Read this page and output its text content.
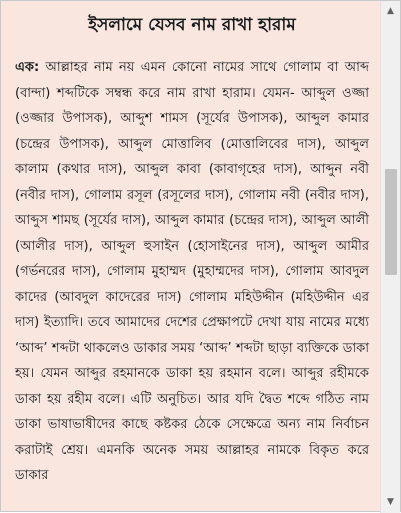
ইসলামে যেসব নাম রাখা হারাম

এক: আল্লাহর নাম নয় এমন কোনো নামের সাথে গোলাম বা আব্দ (বান্দা) শব্দটিকে সম্বন্ধ করে নাম রাখা হারাম। যেমন- আব্দুল ওজ্জা (ওজ্জার উপাসক), আব্দুশ শামস (সূর্যের উপাসক), আব্দুল কামার (চন্দ্রের উপাসক), আব্দুল মোত্তালিব (মোত্তালিবের দাস), আব্দুল কালাম (কথার দাস), আব্দুল কাবা (কাবাগৃহের দাস), আব্দুন নবী (নবীর দাস), গোলাম রসূল (রসূলের দাস), গোলাম নবী (নবীর দাস), আব্দুস শামছ (সূর্যের দাস), আব্দুল কামার (চন্দ্রের দাস), আব্দুল আলী (আলীর দাস), আব্দুল হুসাইন (হোসাইনের দাস), আব্দুল আমীর (গর্ভনরের দাস), গোলাম মুহাম্মদ (মুহাম্মদের দাস), গোলাম আবদুল কাদের (আবদুল কাদেরের দাস) গোলাম মহিউদ্দীন (মহিউদ্দীন এর দাস) ইত্যাদি। তবে আমাদের দেশের প্রেক্ষাপটে দেখা যায় নামের মধ্যে ‘আব্দ’ শব্দটা থাকলেও ডাকার সময় ‘আব্দ’ শব্দটা ছাড়া ব্যক্তিকে ডাকা হয়। যেমন আব্দুর রহমানকে ডাকা হয় রহমান বলে। আব্দুর রহীমকে ডাকা হয় রহীম বলে। এটি অনুচিত। আর যদি দ্বৈত শব্দে গঠিত নাম ডাকা ভাষাভাষীদের কাছে কষ্টকর ঠেকে সেক্ষেত্রে অন্য নাম নির্বাচন করাটাই শ্রেয়। এমনকি অনেক সময় আল্লাহর নামকে বিকৃত করে ডাকার

▲
▼
